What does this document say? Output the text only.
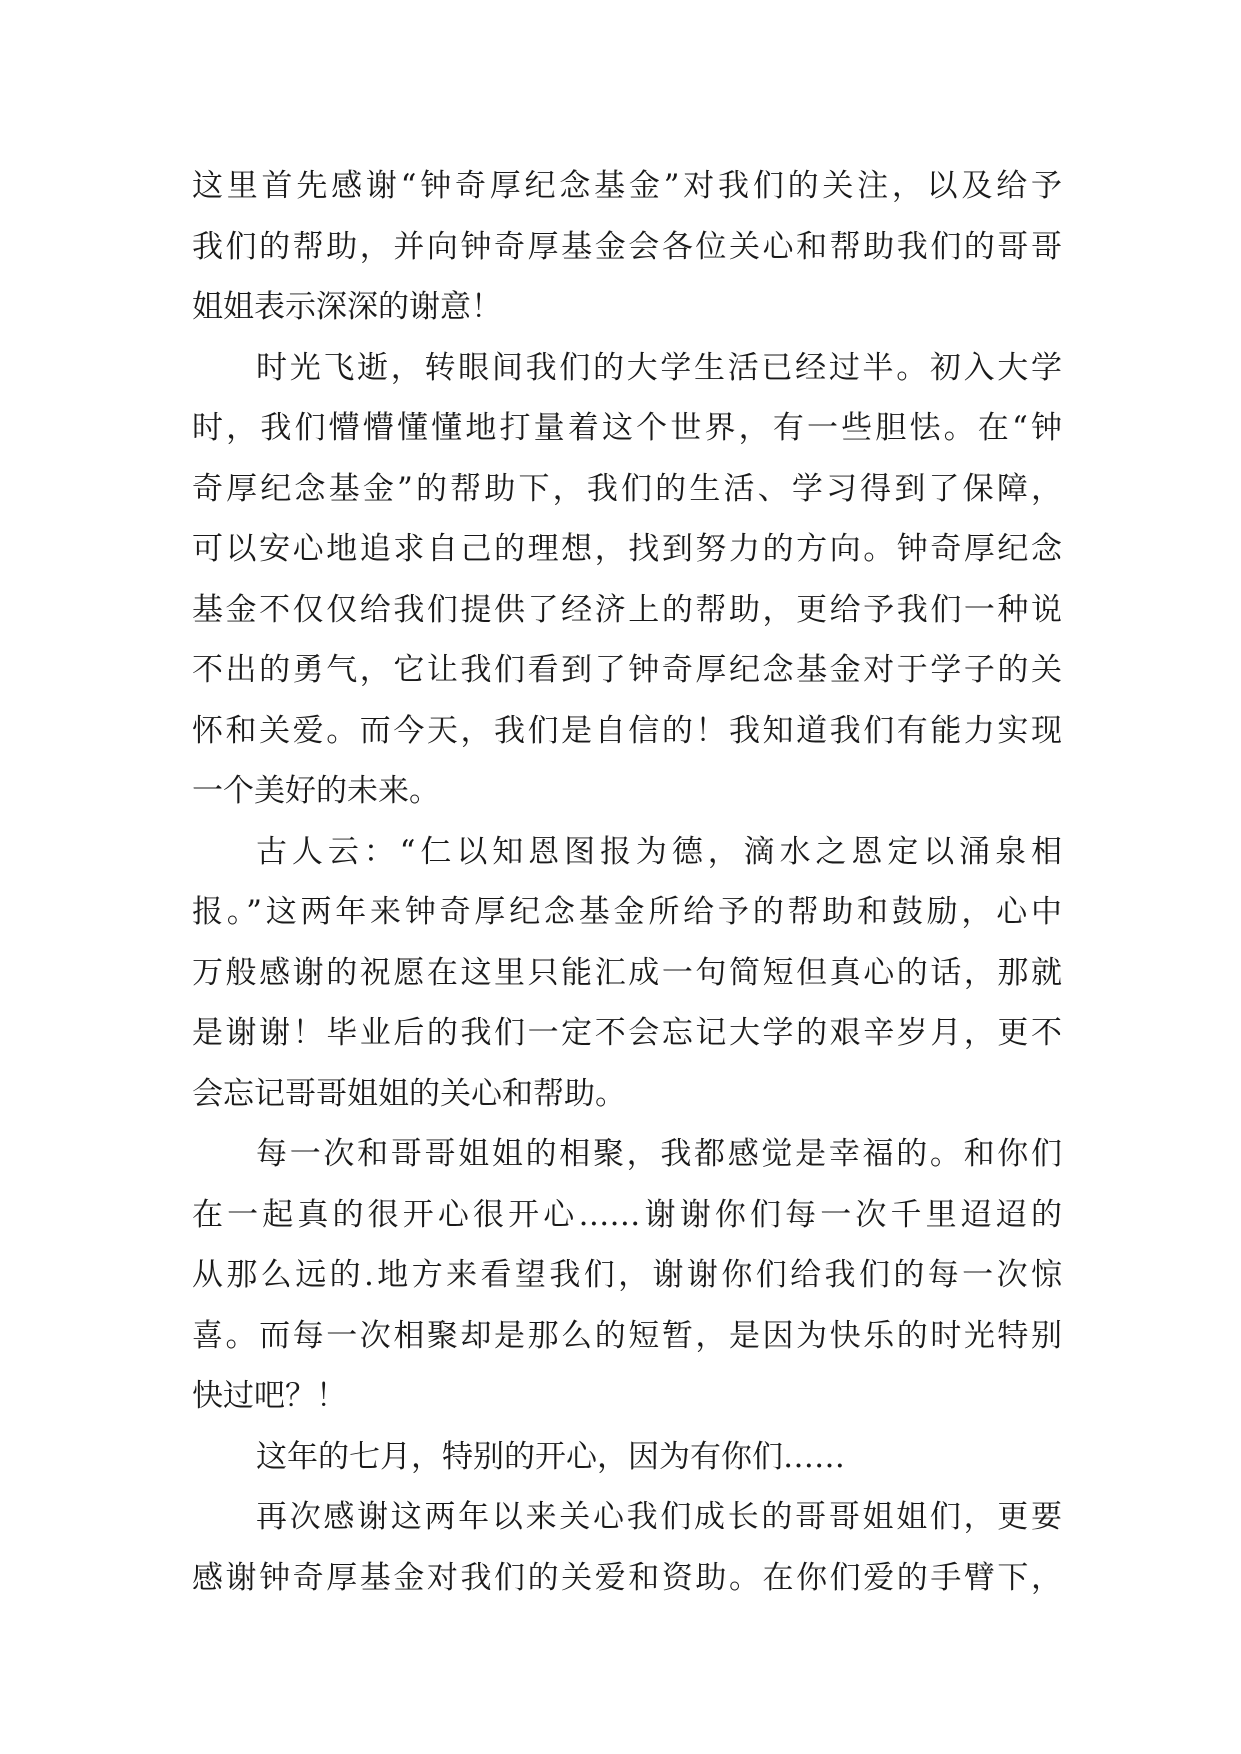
这里首先感谢“钟奇厚纪念基金”对我们的关注，以及给予
我们的帮助，并向钟奇厚基金会各位关心和帮助我们的哥哥
姐姐表示深深的谢意！
时光飞逝，转眼间我们的大学生活已经过半。初入大学
时，我们懵懵懂懂地打量着这个世界，有一些胆怯。在“钟
奇厚纪念基金”的帮助下，我们的生活、学习得到了保障，
可以安心地追求自己的理想，找到努力的方向。钟奇厚纪念
基金不仅仅给我们提供了经济上的帮助，更给予我们一种说
不出的勇气，它让我们看到了钟奇厚纪念基金对于学子的关
怀和关爱。而今天，我们是自信的！我知道我们有能力实现
一个美好的未来。
古人云：“仁以知恩图报为德，滴水之恩定以涌泉相
报。”这两年来钟奇厚纪念基金所给予的帮助和鼓励，心中
万般感谢的祝愿在这里只能汇成一句简短但真心的话，那就
是谢谢！毕业后的我们一定不会忘记大学的艰辛岁月，更不
会忘记哥哥姐姐的关心和帮助。
每一次和哥哥姐姐的相聚，我都感觉是幸福的。和你们
在一起真的很开心很开心……谢谢你们每一次千里迢迢的
从那么远的.地方来看望我们，谢谢你们给我们的每一次惊
喜。而每一次相聚却是那么的短暂，是因为快乐的时光特别
快过吧？！
这年的七月，特别的开心，因为有你们……
再次感谢这两年以来关心我们成长的哥哥姐姐们，更要
感谢钟奇厚基金对我们的关爱和资助。在你们爱的手臂下，
